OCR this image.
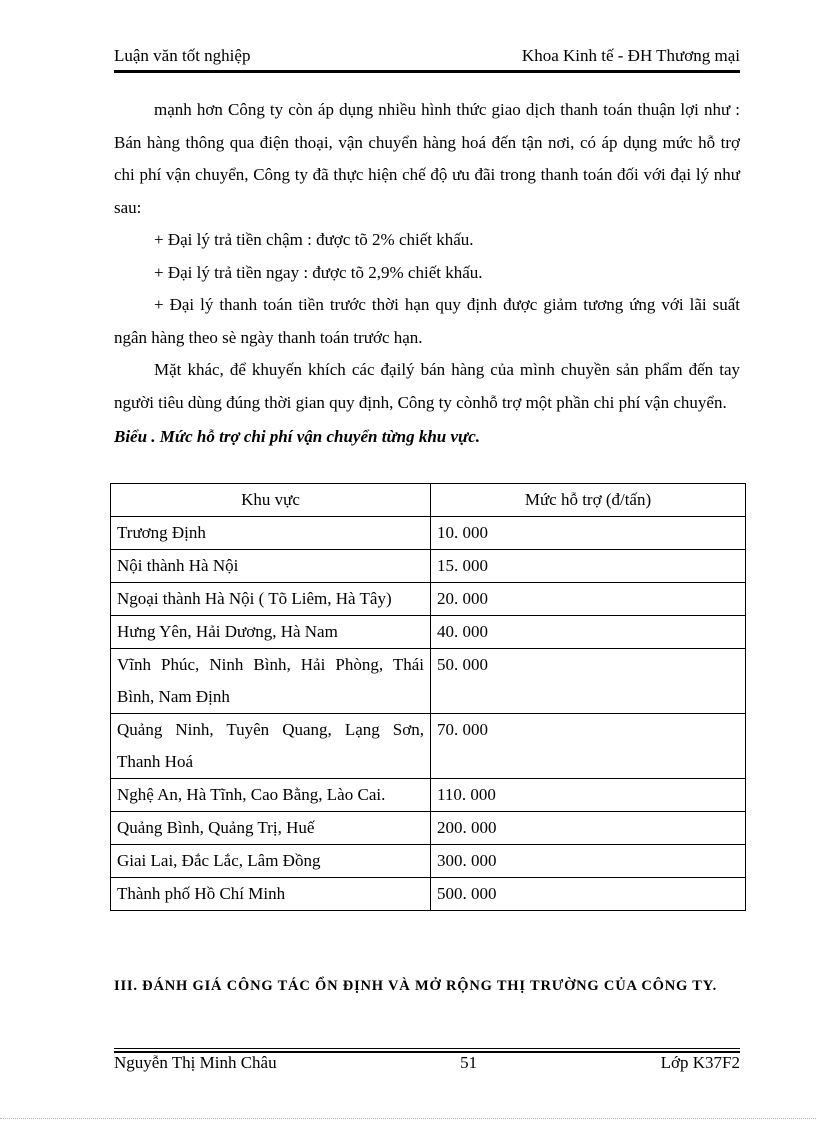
Luận văn tốt nghiệp	Khoa Kinh tế - ĐH Thương mại

mạnh hơn Công ty còn áp dụng nhiều hình thức giao dịch thanh toán thuận lợi như : Bán hàng thông qua điện thoại, vận chuyển hàng hoá đến tận nơi, có áp dụng mức hỗ trợ chi phí vận chuyển, Công ty đã thực hiện chế độ ưu đãi trong thanh toán đối với đại lý như sau:

+ Đại lý trả tiền chậm : được tõ 2% chiết khấu.

+ Đại lý trả tiền ngay : được tõ 2,9% chiết khấu.

+ Đại lý thanh toán tiền trước thời hạn quy định được giảm tương ứng với lãi suất ngân hàng theo sè ngày thanh toán trước hạn.

Mặt khác, để khuyến khích các đạilý bán hàng của mình chuyền sản phẩm đến tay người tiêu dùng đúng thời gian quy định, Công ty cònhỗ trợ một phần chi phí vận chuyển.

Biểu . Mức hỗ trợ chi phí vận chuyển từng khu vực.

Khu vực	Mức hỗ trợ (đ/tấn)
Trương Định	10. 000
Nội thành Hà Nội	15. 000
Ngoại thành Hà Nội ( Tõ Liêm, Hà Tây)	20. 000
Hưng Yên, Hải Dương, Hà Nam	40. 000
Vĩnh Phúc, Ninh Bình, Hải Phòng, Thái Bình, Nam Định	50. 000
Quảng Ninh, Tuyên Quang, Lạng Sơn, Thanh Hoá	70. 000
Nghệ An, Hà Tĩnh, Cao Bằng, Lào Cai.	110. 000
Quảng Bình, Quảng Trị, Huế	200. 000
Giai Lai, Đắc Lắc, Lâm Đồng	300. 000
Thành phố Hồ Chí Minh	500. 000
III. ĐÁNH GIÁ CÔNG TÁC ỔN ĐỊNH VÀ MỞ RỘNG THỊ TRƯỜNG CỦA CÔNG TY.
Nguyễn Thị Minh Châu	51	Lớp K37F2
